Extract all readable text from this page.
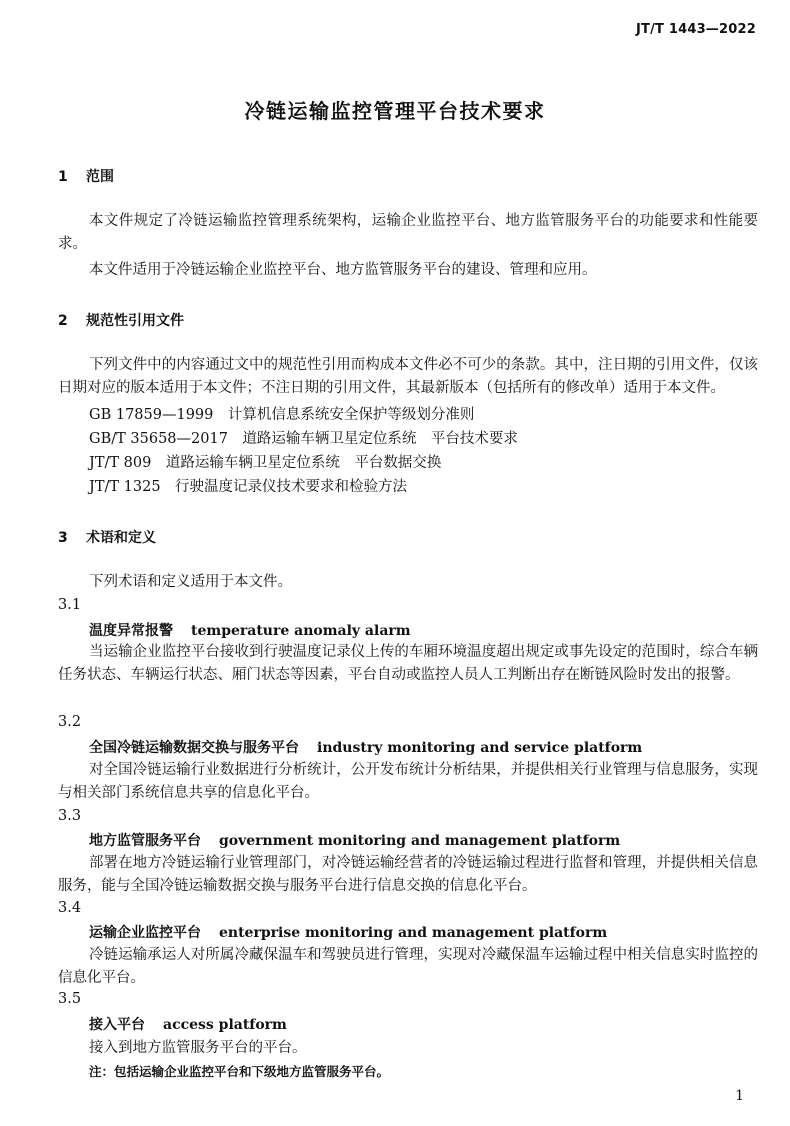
JT/T 1443—2022
冷链运输监控管理平台技术要求
1 范围
本文件规定了冷链运输监控管理系统架构，运输企业监控平台、地方监管服务平台的功能要求和性能要求。
本文件适用于冷链运输企业监控平台、地方监管服务平台的建设、管理和应用。
2 规范性引用文件
下列文件中的内容通过文中的规范性引用而构成本文件必不可少的条款。其中，注日期的引用文件，仅该日期对应的版本适用于本文件；不注日期的引用文件，其最新版本（包括所有的修改单）适用于本文件。
GB 17859—1999　计算机信息系统安全保护等级划分准则
GB/T 35658—2017　道路运输车辆卫星定位系统　平台技术要求
JT/T 809　道路运输车辆卫星定位系统　平台数据交换
JT/T 1325　行驶温度记录仪技术要求和检验方法
3 术语和定义
下列术语和定义适用于本文件。
3.1
温度异常报警 temperature anomaly alarm
当运输企业监控平台接收到行驶温度记录仪上传的车厢环境温度超出规定或事先设定的范围时，综合车辆任务状态、车辆运行状态、厢门状态等因素，平台自动或监控人员人工判断出存在断链风险时发出的报警。
3.2
全国冷链运输数据交换与服务平台 industry monitoring and service platform
对全国冷链运输行业数据进行分析统计，公开发布统计分析结果，并提供相关行业管理与信息服务，实现与相关部门系统信息共享的信息化平台。
3.3
地方监管服务平台 government monitoring and management platform
部署在地方冷链运输行业管理部门，对冷链运输经营者的冷链运输过程进行监督和管理，并提供相关信息服务，能与全国冷链运输数据交换与服务平台进行信息交换的信息化平台。
3.4
运输企业监控平台 enterprise monitoring and management platform
冷链运输承运人对所属冷藏保温车和驾驶员进行管理，实现对冷藏保温车运输过程中相关信息实时监控的信息化平台。
3.5
接入平台 access platform
接入到地方监管服务平台的平台。
注：包括运输企业监控平台和下级地方监管服务平台。
1
